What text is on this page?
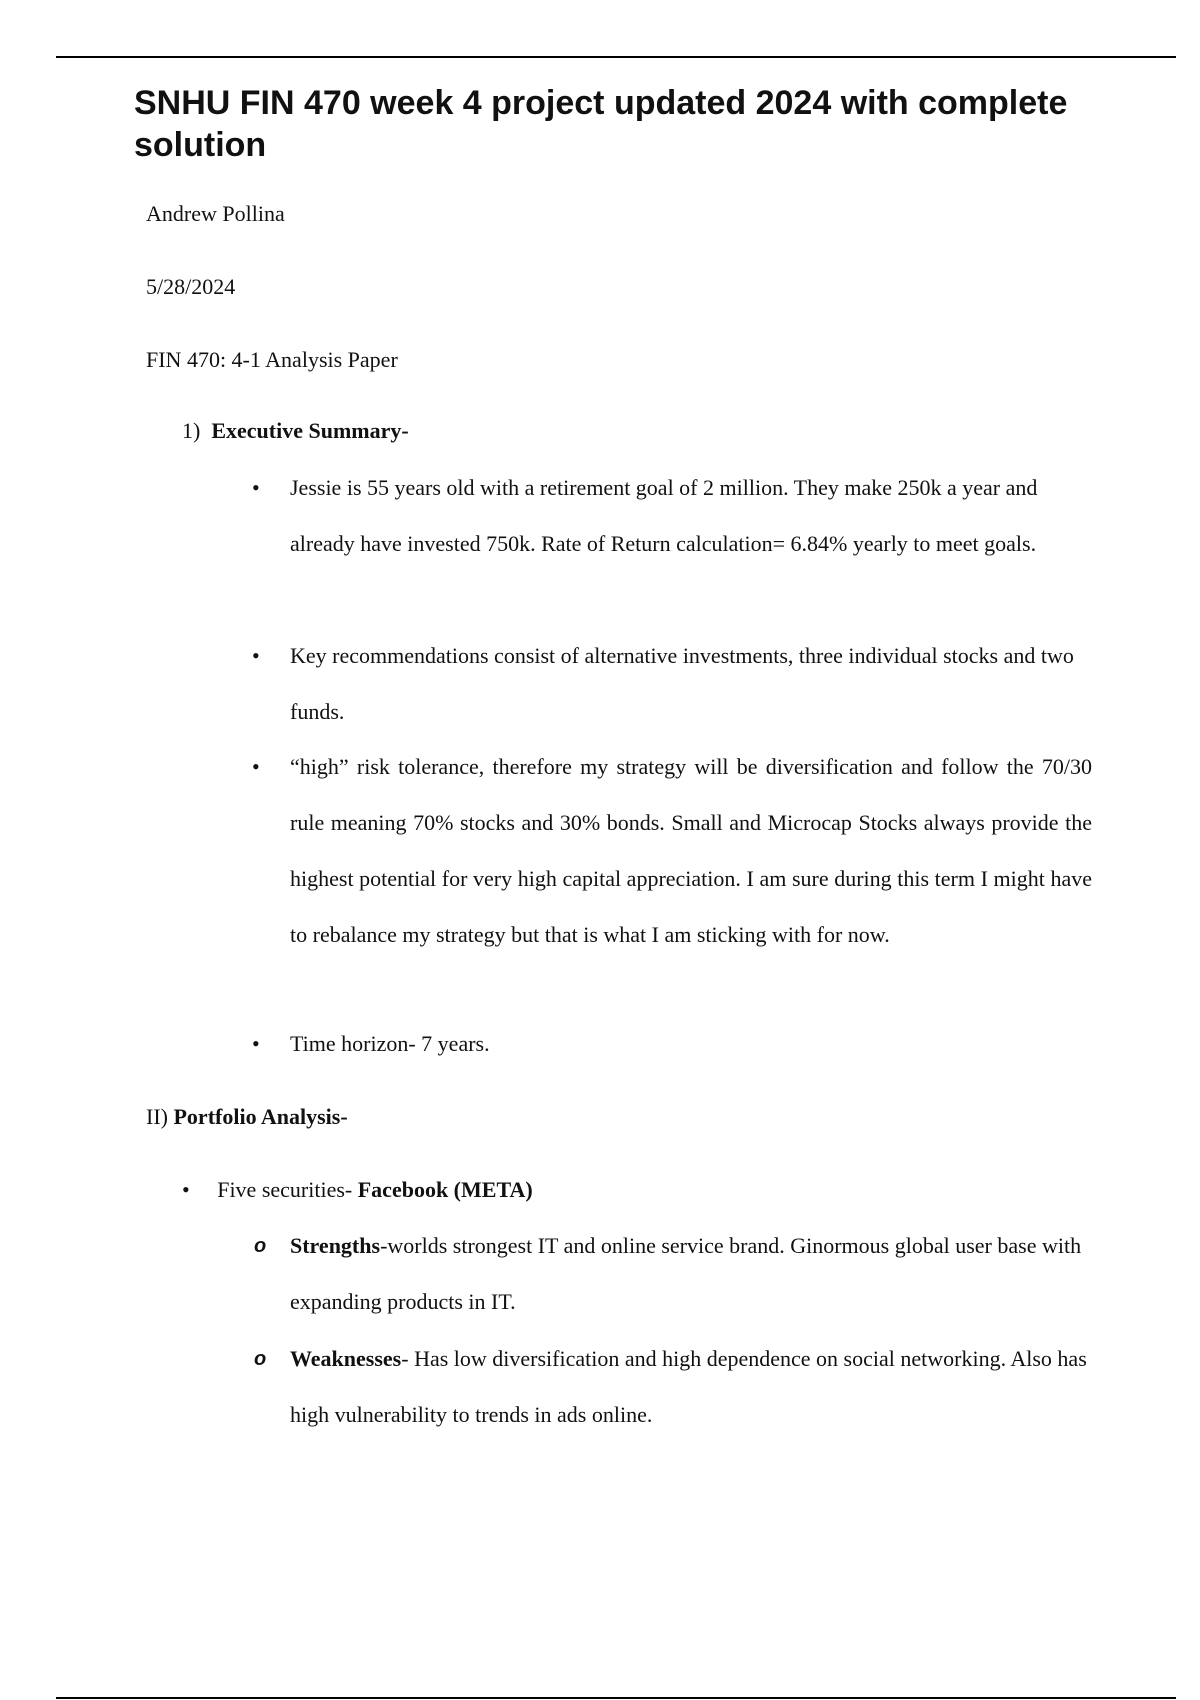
SNHU FIN 470 week 4 project updated 2024 with complete solution
Andrew Pollina
5/28/2024
FIN 470: 4-1 Analysis Paper
1) Executive Summary-
•	Jessie is 55 years old with a retirement goal of 2 million. They make 250k a year and already have invested 750k. Rate of Return calculation= 6.84% yearly to meet goals.
•	Key recommendations consist of alternative investments, three individual stocks and two funds.
•	“high” risk tolerance, therefore my strategy will be diversification and follow the 70/30 rule meaning 70% stocks and 30% bonds. Small and Microcap Stocks always provide the highest potential for very high capital appreciation. I am sure during this term I might have to rebalance my strategy but that is what I am sticking with for now.
•	Time horizon- 7 years.
II) Portfolio Analysis-
• Five securities- Facebook (META)
o Strengths-worlds strongest IT and online service brand. Ginormous global user base with expanding products in IT.
o Weaknesses- Has low diversification and high dependence on social networking. Also has high vulnerability to trends in ads online.
